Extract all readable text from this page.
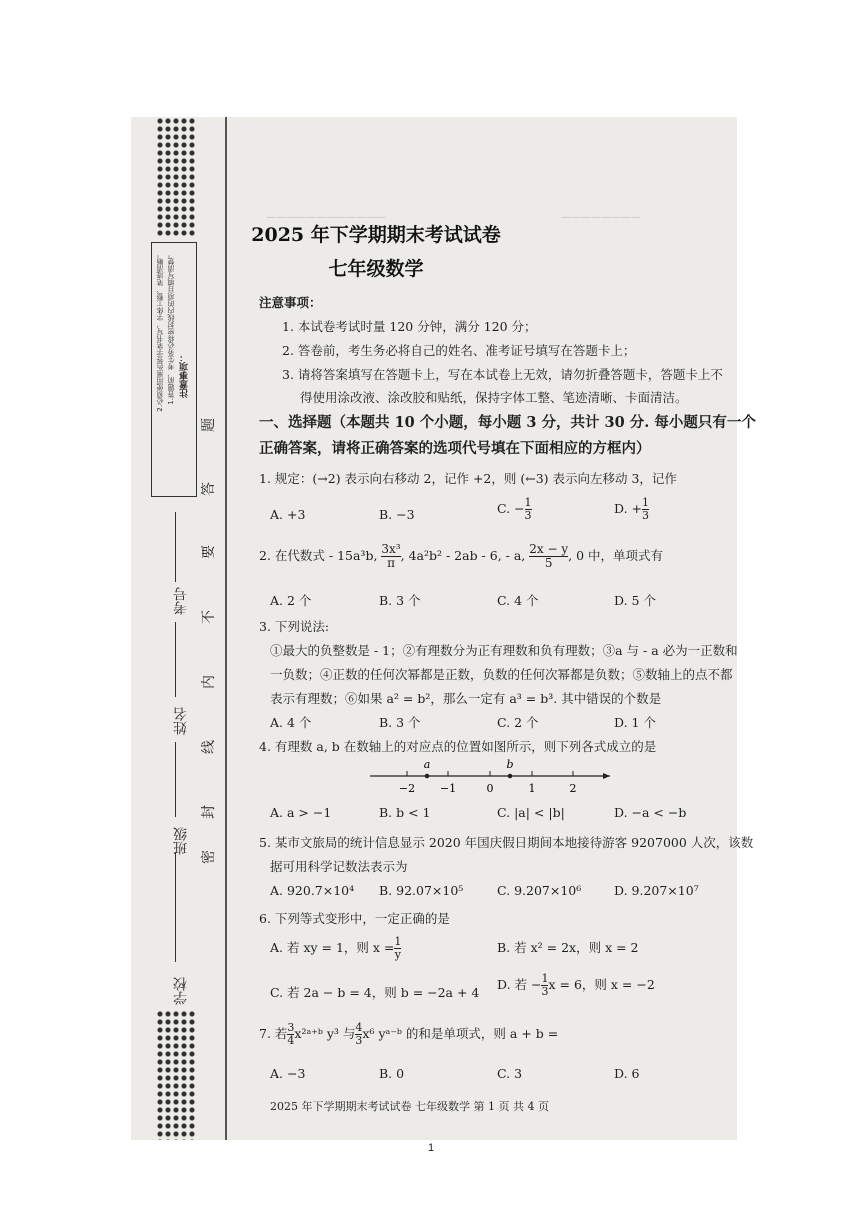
注意事项：
1.答题前，考生务必将密封线内的项目填写清楚。
2.必须使用黑色签字笔书写，字体工整、笔迹清晰。
学校
班级
姓名
考号
题
答
要
不
内
线
封
密
————————————	————————
2025 年下学期期末考试试卷
七年级数学
注意事项：
1. 本试卷考试时量 120 分钟，满分 120 分；
2. 答卷前，考生务必将自己的姓名、准考证号填写在答题卡上；
3. 请将答案填写在答题卡上，写在本试卷上无效，请勿折叠答题卡，答题卡上不
得使用涂改液、涂改胶和贴纸，保持字体工整、笔迹清晰、卡面清洁。
一、选择题（本题共 10 个小题，每小题 3 分，共计 30 分. 每小题只有一个
正确答案，请将正确答案的选项代号填在下面相应的方框内）
1. 规定：(→2) 表示向右移动 2，记作 +2，则 (←3) 表示向左移动 3，记作
A. +3	B. −3	C. − $\frac{1}{3}$	D. + $\frac{1}{3}$
2. 在代数式 - 15a³b, $\frac{\text{3x³}}{\pi}$ , 4a²b² - 2ab - 6, - a, $\frac{2x - y}{5}$ , 0 中，单项式有
A. 2 个	B. 3 个	C. 4 个	D. 5 个
3. 下列说法:
①最大的负整数是 - 1；②有理数分为正有理数和负有理数；③a 与 - a 必为一正数和
一负数；④正数的任何次幂都是正数，负数的任何次幂都是负数；⑤数轴上的点不都
表示有理数；⑥如果 a² = b²，那么一定有 a³ = b³. 其中错误的个数是
A. 4 个	B. 3 个	C. 2 个	D. 1 个
4. 有理数 a, b 在数轴上的对应点的位置如图所示，则下列各式成立的是
a	b
−2 −1	0	1	2
A. a > −1	B. b < 1	C. |a| < |b|	D. −a < −b
5. 某市文旅局的统计信息显示 2020 年国庆假日期间本地接待游客 9207000 人次，该数
据可用科学记数法表示为
A. 920.7×10⁴ B. 92.07×10⁵	C. 9.207×10⁶	D. 9.207×10⁷
6. 下列等式变形中，一定正确的是
A. 若 xy = 1，则 $x = \frac{1}{y}$	B. 若 x² = 2x，则 x = 2
C. 若 2a − b = 4，则 b = −2a + 4
D. 若 − $\frac{1}{3}$ x = 6，则 x = −2
7. 若 $\frac{3}{4}$ x²ᵃ⁺ᵇ y³ 与 $\frac{4}{3} x^6$ yᵃ⁻ᵇ 的和是单项式，则 a + b =
A. −3	B. 0	C. 3	D. 6
2025 年下学期期末考试试卷 七年级数学 第 1 页 共 4 页
1
